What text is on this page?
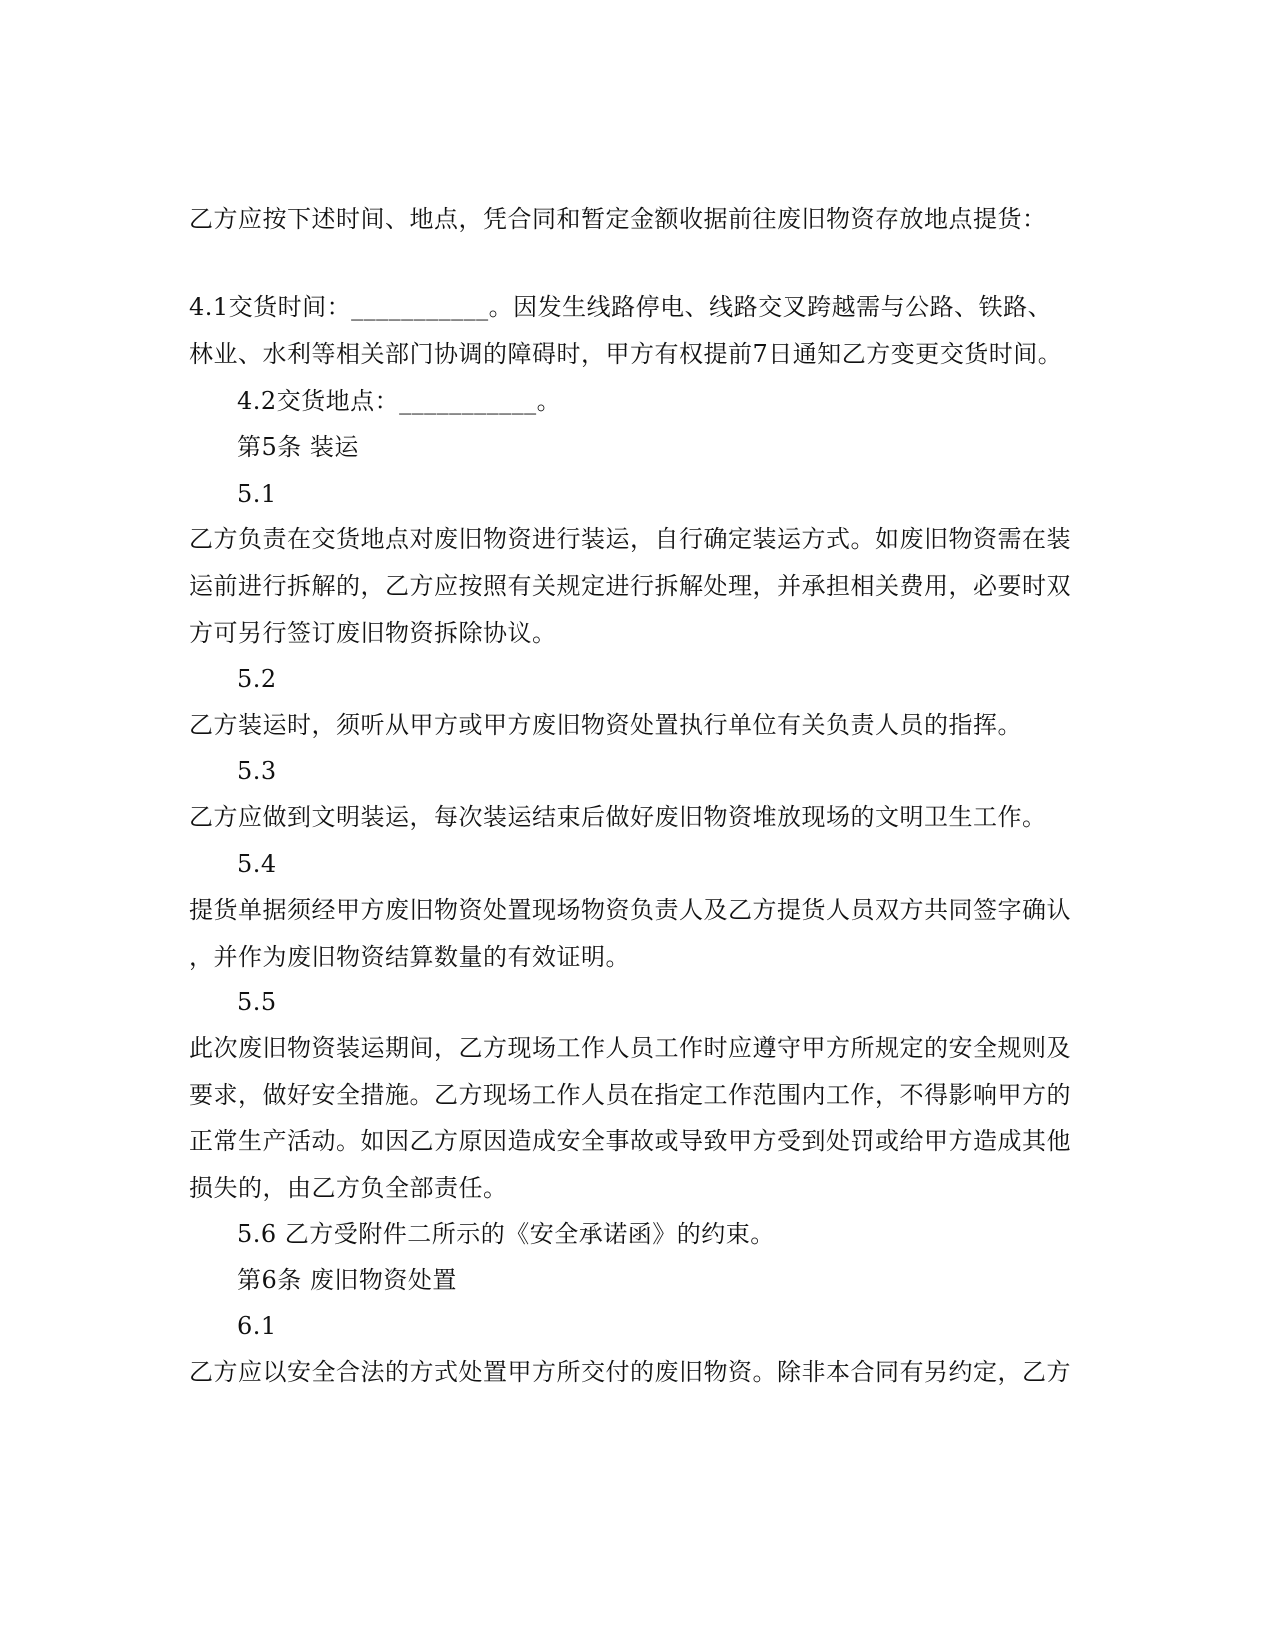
乙方应按下述时间、地点，凭合同和暂定金额收据前往废旧物资存放地点提货：
4.1交货时间：___________。因发生线路停电、线路交叉跨越需与公路、铁路、
林业、水利等相关部门协调的障碍时，甲方有权提前7日通知乙方变更交货时间。
4.2交货地点：___________。
第5条 装运
5.1
乙方负责在交货地点对废旧物资进行装运，自行确定装运方式。如废旧物资需在装
运前进行拆解的，乙方应按照有关规定进行拆解处理，并承担相关费用，必要时双
方可另行签订废旧物资拆除协议。
5.2
乙方装运时，须听从甲方或甲方废旧物资处置执行单位有关负责人员的指挥。
5.3
乙方应做到文明装运，每次装运结束后做好废旧物资堆放现场的文明卫生工作。
5.4
提货单据须经甲方废旧物资处置现场物资负责人及乙方提货人员双方共同签字确认
，并作为废旧物资结算数量的有效证明。
5.5
此次废旧物资装运期间，乙方现场工作人员工作时应遵守甲方所规定的安全规则及
要求，做好安全措施。乙方现场工作人员在指定工作范围内工作，不得影响甲方的
正常生产活动。如因乙方原因造成安全事故或导致甲方受到处罚或给甲方造成其他
损失的，由乙方负全部责任。
5.6 乙方受附件二所示的《安全承诺函》的约束。
第6条 废旧物资处置
6.1
乙方应以安全合法的方式处置甲方所交付的废旧物资。除非本合同有另约定，乙方
